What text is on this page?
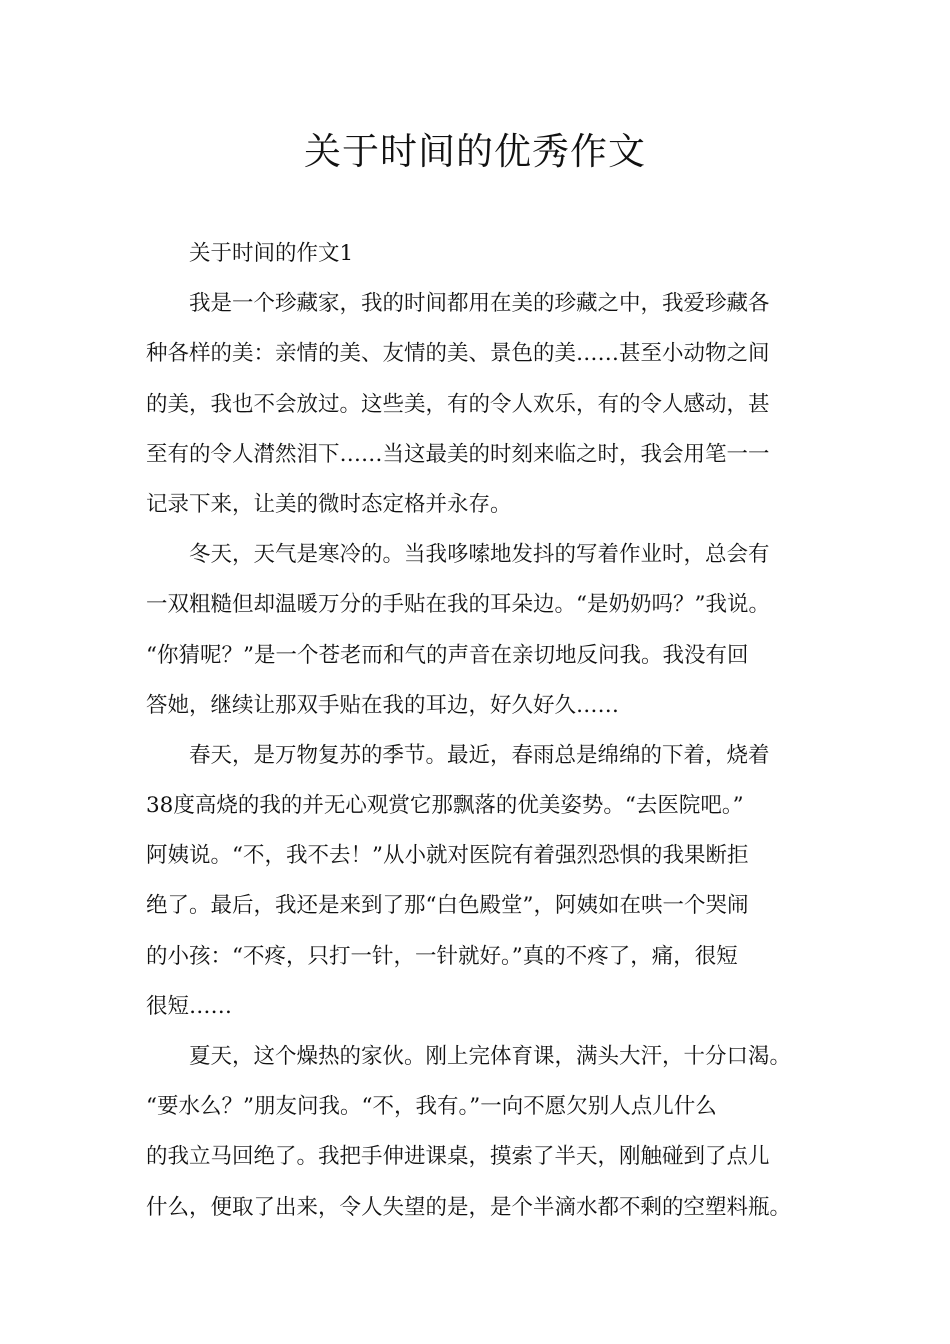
关于时间的优秀作文
　　关于时间的作文1
　　我是一个珍藏家，我的时间都用在美的珍藏之中，我爱珍藏各
种各样的美：亲情的美、友情的美、景色的美……甚至小动物之间
的美，我也不会放过。这些美，有的令人欢乐，有的令人感动，甚
至有的令人潸然泪下……当这最美的时刻来临之时，我会用笔一一
记录下来，让美的微时态定格并永存。
　　冬天，天气是寒冷的。当我哆嗦地发抖的写着作业时，总会有
一双粗糙但却温暖万分的手贴在我的耳朵边。“是奶奶吗？”我说。
“你猜呢？”是一个苍老而和气的声音在亲切地反问我。我没有回
答她，继续让那双手贴在我的耳边，好久好久……
　　春天，是万物复苏的季节。最近，春雨总是绵绵的下着，烧着
38度高烧的我的并无心观赏它那飘落的优美姿势。“去医院吧。”
阿姨说。“不，我不去！”从小就对医院有着强烈恐惧的我果断拒
绝了。最后，我还是来到了那“白色殿堂”，阿姨如在哄一个哭闹
的小孩：“不疼，只打一针，一针就好。”真的不疼了，痛，很短
很短……
　　夏天，这个燥热的家伙。刚上完体育课，满头大汗，十分口渴。
“要水么？”朋友问我。“不，我有。”一向不愿欠别人点儿什么
的我立马回绝了。我把手伸进课桌，摸索了半天，刚触碰到了点儿
什么，便取了出来，令人失望的是，是个半滴水都不剩的空塑料瓶。
